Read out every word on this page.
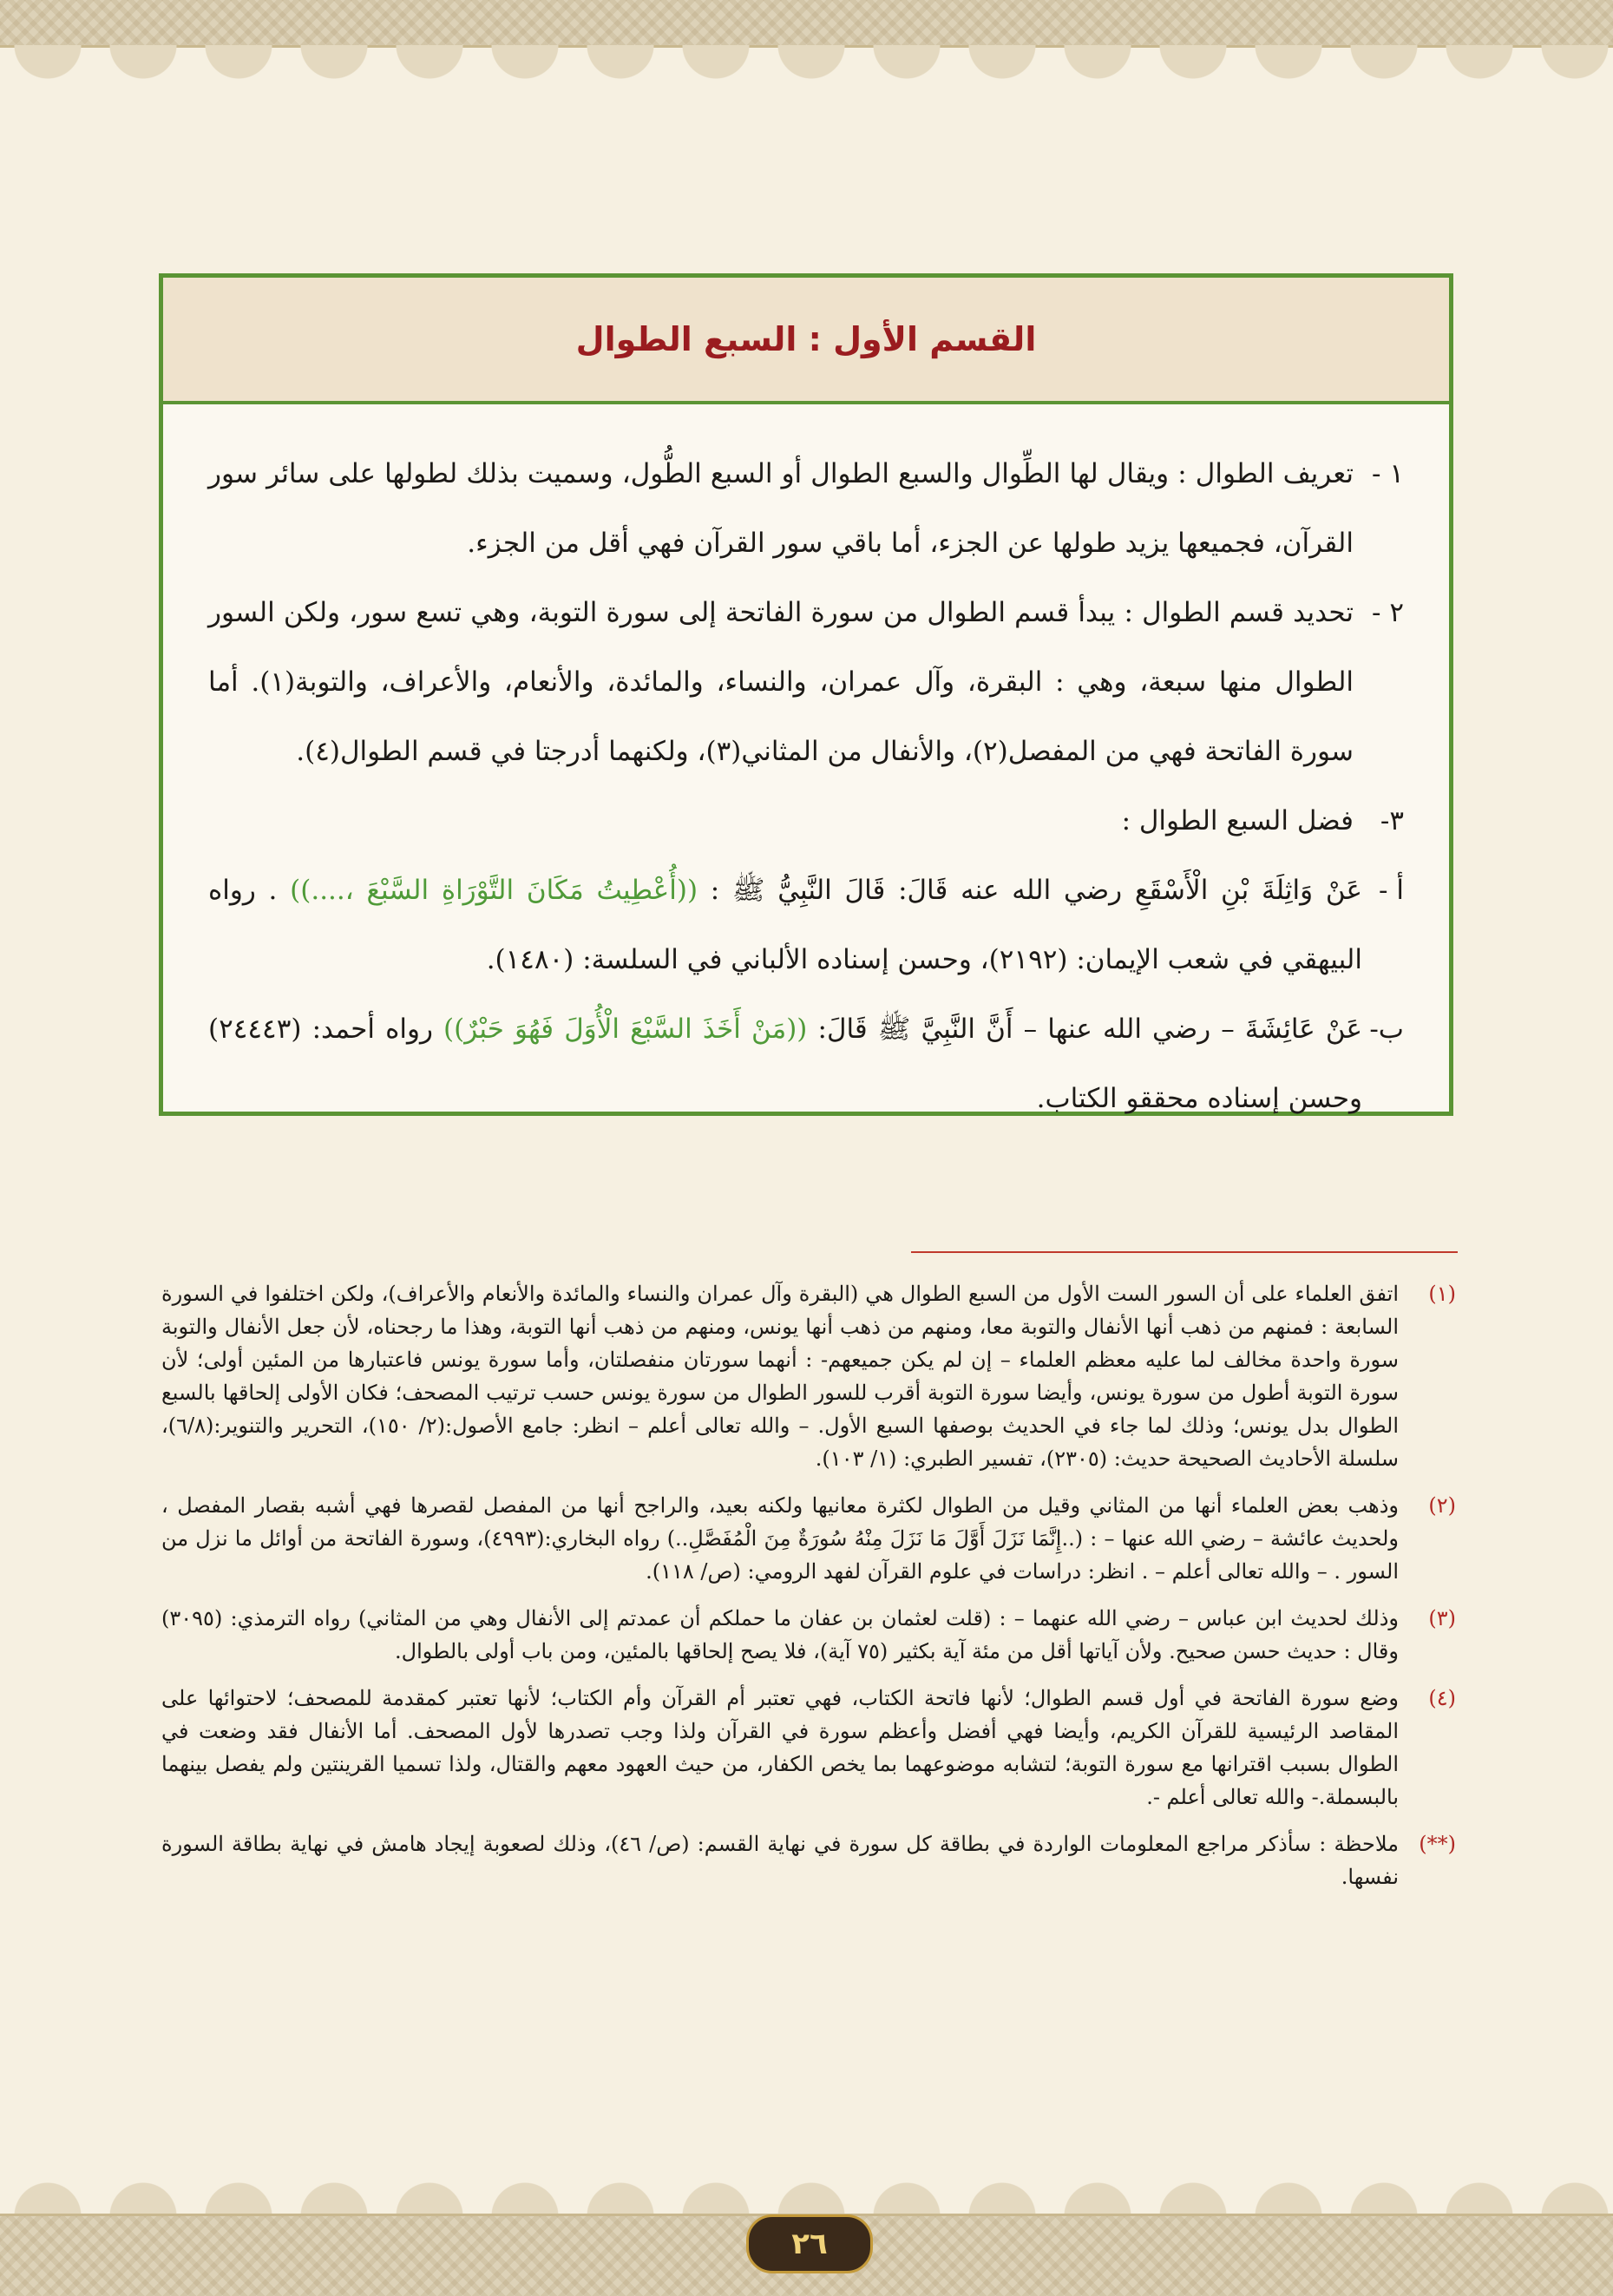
القسم الأول : السبع الطوال
١ -
تعريف الطوال : ويقال لها الطِّوال والسبع الطوال أو السبع الطُّول، وسميت بذلك لطولها على سائر سور القرآن، فجميعها يزيد طولها عن الجزء، أما باقي سور القرآن فهي أقل من الجزء.
٢ -
تحديد قسم الطوال : يبدأ قسم الطوال من سورة الفاتحة إلى سورة التوبة، وهي تسع سور، ولكن السور الطوال منها سبعة، وهي : البقرة، وآل عمران، والنساء، والمائدة، والأنعام، والأعراف، والتوبة(١). أما سورة الفاتحة فهي من المفصل(٢)، والأنفال من المثاني(٣)، ولكنهما أدرجتا في قسم الطوال(٤).
٣-
فضل السبع الطوال :
أ -
عَنْ وَاثِلَةَ بْنِ الْأَسْقَعِ رضي الله عنه قَالَ: قَالَ النَّبِيُّ ﷺ : ((أُعْطِيتُ مَكَانَ التَّوْرَاةِ السَّبْعَ ،....)) . رواه البيهقي في شعب الإيمان: (٢١٩٢)، وحسن إسناده الألباني في السلسة: (١٤٨٠).
ب-
عَنْ عَائِشَةَ – رضي الله عنها – أَنَّ النَّبِيَّ ﷺ قَالَ: ((مَنْ أَخَذَ السَّبْعَ الْأُوَلَ فَهُوَ حَبْرٌ)) رواه أحمد: (٢٤٤٤٣) وحسن إسناده محققو الكتاب.
(١)
اتفق العلماء على أن السور الست الأول من السبع الطوال هي (البقرة وآل عمران والنساء والمائدة والأنعام والأعراف)، ولكن اختلفوا في السورة السابعة : فمنهم من ذهب أنها الأنفال والتوبة معا، ومنهم من ذهب أنها يونس، ومنهم من ذهب أنها التوبة، وهذا ما رجحناه، لأن جعل الأنفال والتوبة سورة واحدة مخالف لما عليه معظم العلماء – إن لم يكن جميعهم- : أنهما سورتان منفصلتان، وأما سورة يونس فاعتبارها من المئين أولى؛ لأن سورة التوبة أطول من سورة يونس، وأيضا سورة التوبة أقرب للسور الطوال من سورة يونس حسب ترتيب المصحف؛ فكان الأولى إلحاقها بالسبع الطوال بدل يونس؛ وذلك لما جاء في الحديث بوصفها السبع الأول. – والله تعالى أعلم – انظر: جامع الأصول:(٢/ ١٥٠)، التحرير والتنوير:(٦/٨)، سلسلة الأحاديث الصحيحة حديث: (٢٣٠٥)، تفسير الطبري: (١/ ١٠٣).
(٢)
وذهب بعض العلماء أنها من المثاني وقيل من الطوال لكثرة معانيها ولكنه بعيد، والراجح أنها من المفصل لقصرها فهي أشبه بقصار المفصل ، ولحديث عائشة – رضي الله عنها – : (..إِنَّمَا نَزَلَ أَوَّلَ مَا نَزَلَ مِنْهُ سُورَةٌ مِنَ الْمُفَصَّلِ..) رواه البخاري:(٤٩٩٣)، وسورة الفاتحة من أوائل ما نزل من السور . – والله تعالى أعلم – . انظر: دراسات في علوم القرآن لفهد الرومي: (ص/ ١١٨).
(٣)
وذلك لحديث ابن عباس – رضي الله عنهما – : (قلت لعثمان بن عفان ما حملكم أن عمدتم إلى الأنفال وهي من المثاني) رواه الترمذي: (٣٠٩٥) وقال : حديث حسن صحيح. ولأن آياتها أقل من مئة آية بكثير (٧٥ آية)، فلا يصح إلحاقها بالمئين، ومن باب أولى بالطوال.
(٤)
وضع سورة الفاتحة في أول قسم الطوال؛ لأنها فاتحة الكتاب، فهي تعتبر أم القرآن وأم الكتاب؛ لأنها تعتبر كمقدمة للمصحف؛ لاحتوائها على المقاصد الرئيسية للقرآن الكريم، وأيضا فهي أفضل وأعظم سورة في القرآن ولذا وجب تصدرها لأول المصحف. أما الأنفال فقد وضعت في الطوال بسبب اقترانها مع سورة التوبة؛ لتشابه موضوعهما بما يخص الكفار، من حيث العهود معهم والقتال، ولذا تسميا القرينتين ولم يفصل بينهما بالبسملة.- والله تعالى أعلم -.
(**)
ملاحظة : سأذكر مراجع المعلومات الواردة في بطاقة كل سورة في نهاية القسم: (ص/ ٤٦)، وذلك لصعوبة إيجاد هامش في نهاية بطاقة السورة نفسها.
٢٦
